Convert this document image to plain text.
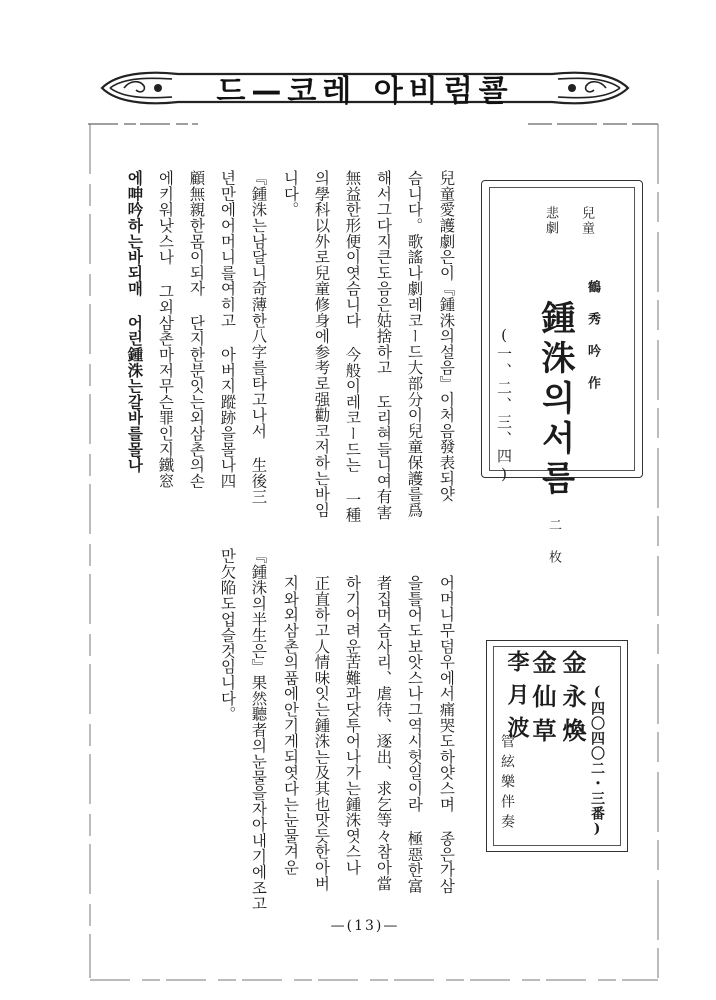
드—코레 아비럼쿌
兒童
悲劇
鶴 秀 吟 作
鍾洙의서름
(一、二、三、四)
二 枚
(四〇四〇二・三番)
金永煥
金仙草
李月波
管絃樂伴奏
兒童愛護劇은이『鍾洙의설음』이처음發表되얏
슴니다。歌謠나劇레코ー드大部分이兒童保護를爲
해서그다지큰도음은姑捨하고 도리혀들니여有害
無益한形便이엿슴니다 今般이레코ー드는 一種
의學科以外로兒童修身에参考로强勸코저하는바임
니다。
『鍾洙는남달니奇薄한八字를타고나서 生後三
년만에어머니를여히고 아버지蹤跡을몰나四
顧無親한몸이되자 단지한분잇는외삼촌의손
에키워낫스나 그외삼촌마저무슨罪인지鐵窓
에呻吟하는바되매 어린鍾洙는갈바를몰나
어머니무덤우에서痛哭도하얏스며 종은가삼
을틀어도보앗스나그역시헛일이라 極惡한富
者집머슴사리、虐待、逐出、求乞等々참아當
하기어려운苦難과닷투어나가는鍾洙엿스나
正直하고人情味잇는鍾洙는及其也맛듯한아버
지와외삼촌의품에안기게되엿다는눈물겨운
『鍾洙의半生은』果然聽者의눈물을자아내기에조고
만欠陥도업슬것임니다。
—(13)—
